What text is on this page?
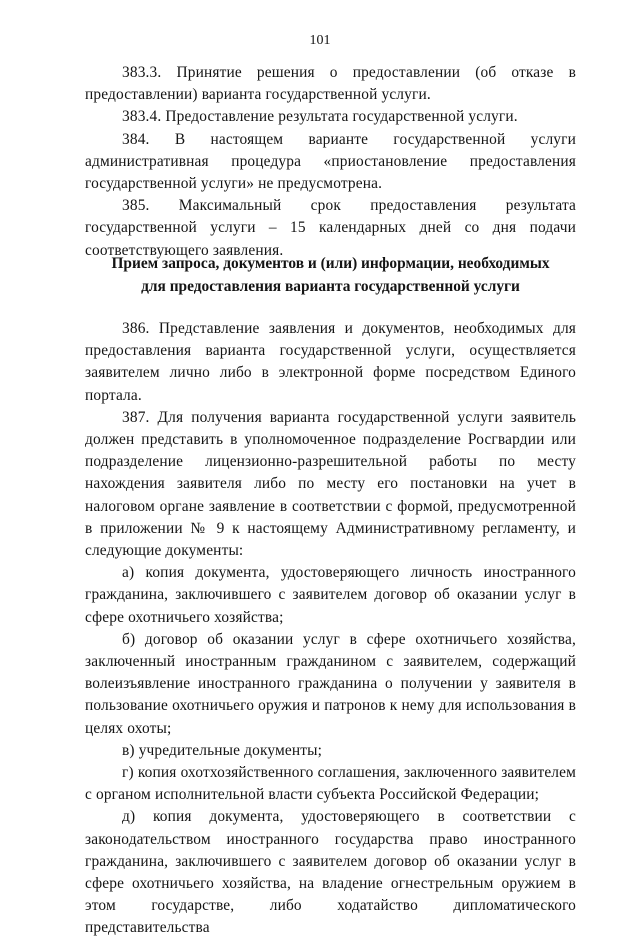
101

383.3. Принятие решения о предоставлении (об отказе в предоставлении) варианта государственной услуги.

383.4. Предоставление результата государственной услуги.

384. В настоящем варианте государственной услуги административная процедура «приостановление предоставления государственной услуги» не предусмотрена.

385. Максимальный срок предоставления результата государственной услуги – 15 календарных дней со дня подачи соответствующего заявления.

Прием запроса, документов и (или) информации, необходимых
для предоставления варианта государственной услуги

386. Представление заявления и документов, необходимых для предоставления варианта государственной услуги, осуществляется заявителем лично либо в электронной форме посредством Единого портала.

387. Для получения варианта государственной услуги заявитель должен представить в уполномоченное подразделение Росгвардии или подразделение лицензионно-разрешительной работы по месту нахождения заявителя либо по месту его постановки на учет в налоговом органе заявление в соответствии с формой, предусмотренной в приложении № 9 к настоящему Административному регламенту, и следующие документы:

а) копия документа, удостоверяющего личность иностранного гражданина, заключившего с заявителем договор об оказании услуг в сфере охотничьего хозяйства;

б) договор об оказании услуг в сфере охотничьего хозяйства, заключенный иностранным гражданином с заявителем, содержащий волеизъявление иностранного гражданина о получении у заявителя в пользование охотничьего оружия и патронов к нему для использования в целях охоты;

в) учредительные документы;

г) копия охотхозяйственного соглашения, заключенного заявителем с органом исполнительной власти субъекта Российской Федерации;

д) копия документа, удостоверяющего в соответствии с законодательством иностранного государства право иностранного гражданина, заключившего с заявителем договор об оказании услуг в сфере охотничьего хозяйства, на владение огнестрельным оружием в этом государстве, либо ходатайство дипломатического представительства
